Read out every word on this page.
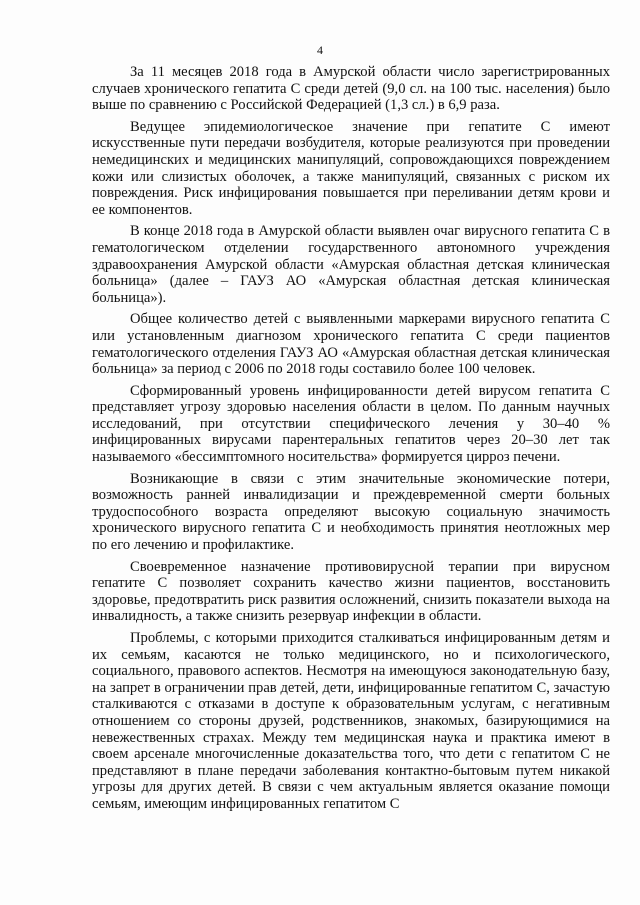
4

За 11 месяцев 2018 года в Амурской области число зарегистрированных случаев хронического гепатита С среди детей (9,0 сл. на 100 тыс. населения) было выше по сравнению с Российской Федерацией (1,3 сл.) в 6,9 раза.

Ведущее эпидемиологическое значение при гепатите С имеют искусственные пути передачи возбудителя, которые реализуются при проведении немедицинских и медицинских манипуляций, сопровождающихся повреждением кожи или слизистых оболочек, а также манипуляций, связанных с риском их повреждения. Риск инфицирования повышается при переливании детям крови и ее компонентов.

В конце 2018 года в Амурской области выявлен очаг вирусного гепатита С в гематологическом отделении государственного автономного учреждения здравоохранения Амурской области «Амурская областная детская клиническая больница» (далее – ГАУЗ АО «Амурская областная детская клиническая больница»).

Общее количество детей с выявленными маркерами вирусного гепатита С или установленным диагнозом хронического гепатита С среди пациентов гематологического отделения ГАУЗ АО «Амурская областная детская клиническая больница» за период с 2006 по 2018 годы составило более 100 человек.

Сформированный уровень инфицированности детей вирусом гепатита С представляет угрозу здоровью населения области в целом. По данным научных исследований, при отсутствии специфического лечения у 30–40 % инфицированных вирусами парентеральных гепатитов через 20–30 лет так называемого «бессимптомного носительства» формируется цирроз печени.

Возникающие в связи с этим значительные экономические потери, возможность ранней инвалидизации и преждевременной смерти больных трудоспособного возраста определяют высокую социальную значимость хронического вирусного гепатита С и необходимость принятия неотложных мер по его лечению и профилактике.

Своевременное назначение противовирусной терапии при вирусном гепатите С позволяет сохранить качество жизни пациентов, восстановить здоровье, предотвратить риск развития осложнений, снизить показатели выхода на инвалидность, а также снизить резервуар инфекции в области.

Проблемы, с которыми приходится сталкиваться инфицированным детям и их семьям, касаются не только медицинского, но и психологического, социального, правового аспектов. Несмотря на имеющуюся законодательную базу, на запрет в ограничении прав детей, дети, инфицированные гепатитом С, зачастую сталкиваются с отказами в доступе к образовательным услугам, с негативным отношением со стороны друзей, родственников, знакомых, базирующимися на невежественных страхах. Между тем медицинская наука и практика имеют в своем арсенале многочисленные доказательства того, что дети с гепатитом С не представляют в плане передачи заболевания контактно-бытовым путем никакой угрозы для других детей. В связи с чем актуальным является оказание помощи семьям, имеющим инфицированных гепатитом С
